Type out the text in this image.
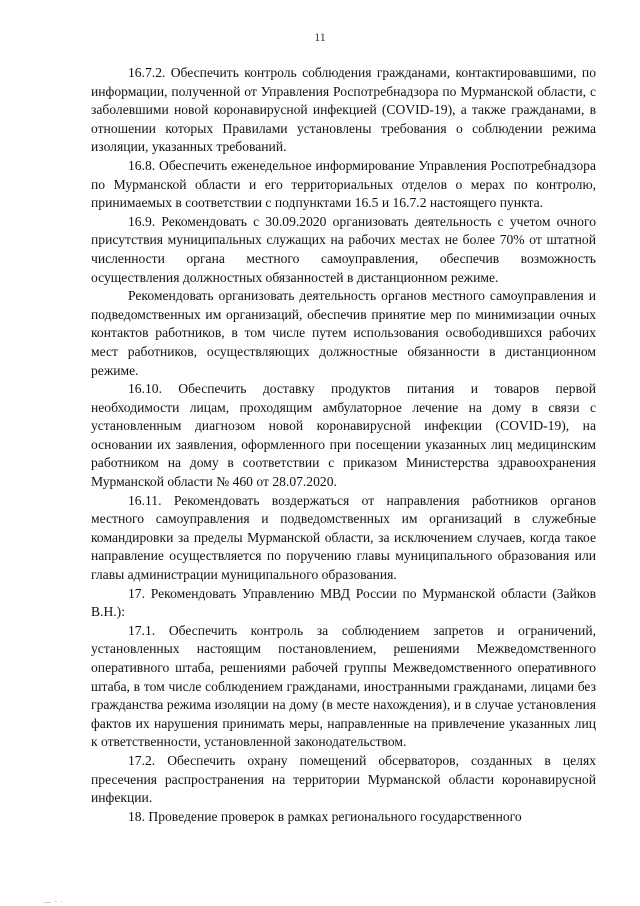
11

16.7.2. Обеспечить контроль соблюдения гражданами, контактировавшими, по информации, полученной от Управления Роспотребнадзора по Мурманской области, с заболевшими новой коронавирусной инфекцией (COVID-19), а также гражданами, в отношении которых Правилами установлены требования о соблюдении режима изоляции, указанных требований.

16.8. Обеспечить еженедельное информирование Управления Роспотребнадзора по Мурманской области и его территориальных отделов о мерах по контролю, принимаемых в соответствии с подпунктами 16.5 и 16.7.2 настоящего пункта.

16.9. Рекомендовать с 30.09.2020 организовать деятельность с учетом очного присутствия муниципальных служащих на рабочих местах не более 70% от штатной численности органа местного самоуправления, обеспечив возможность осуществления должностных обязанностей в дистанционном режиме.

Рекомендовать организовать деятельность органов местного самоуправления и подведомственных им организаций, обеспечив принятие мер по минимизации очных контактов работников, в том числе путем использования освободившихся рабочих мест работников, осуществляющих должностные обязанности в дистанционном режиме.

16.10. Обеспечить доставку продуктов питания и товаров первой необходимости лицам, проходящим амбулаторное лечение на дому в связи с установленным диагнозом новой коронавирусной инфекции (COVID-19), на основании их заявления, оформленного при посещении указанных лиц медицинским работником на дому в соответствии с приказом Министерства здравоохранения Мурманской области № 460 от 28.07.2020.

16.11. Рекомендовать воздержаться от направления работников органов местного самоуправления и подведомственных им организаций в служебные командировки за пределы Мурманской области, за исключением случаев, когда такое направление осуществляется по поручению главы муниципального образования или главы администрации муниципального образования.

17. Рекомендовать Управлению МВД России по Мурманской области (Зайков В.Н.):

17.1. Обеспечить контроль за соблюдением запретов и ограничений, установленных настоящим постановлением, решениями Межведомственного оперативного штаба, решениями рабочей группы Межведомственного оперативного штаба, в том числе соблюдением гражданами, иностранными гражданами, лицами без гражданства режима изоляции на дому (в месте нахождения), и в случае установления фактов их нарушения принимать меры, направленные на привлечение указанных лиц к ответственности, установленной законодательством.

17.2. Обеспечить охрану помещений обсерваторов, созданных в целях пресечения распространения на территории Мурманской области коронавирусной инфекции.

18. Проведение проверок в рамках регионального государственного

— · ·
